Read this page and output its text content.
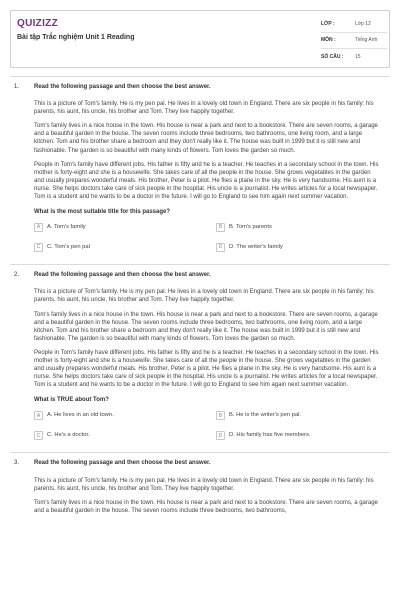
QUIZIZZ
Bài tập Trắc nghiệm Unit 1 Reading
LỚP :	Lớp 12
MÔN :	Tiếng Anh
SỐ CÂU :	15
1. Read the following passage and then choose the best answer.

This is a picture of Tom's family. He is my pen pal. He lives in a lovely old town in England. There are six people in his family: his parents, his aunt, his uncle, his brother and Tom. They live happily together.

Tom's family lives in a nice house in the town. His house is near a park and next to a bookstore. There are seven rooms, a garage and a beautiful garden in the house. The seven rooms include three bedrooms, two bathrooms, one living room, and a large kitchen. Tom and his brother share a bedroom and they don't really like it. The house was built in 1999 but it is still new and fashionable. The garden is so beautiful with many kinds of flowers. Tom loves the garden so much.

People in Tom's family have different jobs. His father is fifty and he is a teacher. He teaches in a secondary school in the town. His mother is forty-eight and she is a housewife. She takes care of all the people in the house. She grows vegetables in the garden and usually prepares wonderful meals. His brother, Peter is a pilot. He flies a plane in the sky. He is very handsome. His aunt is a nurse. She helps doctors take care of sick people in the hospital. His uncle is a journalist. He writes articles for a local newspaper. Tom is a student and he wants to be a doctor in the future. I will go to England to see him again next summer vacation.

What is the most suitable title for this passage?
A	A. Tom's family	B	B. Tom's parents
C	C. Tom's pen pal	D	D. The writer's family
2. Read the following passage and then choose the best answer.

This is a picture of Tom's family. He is my pen pal. He lives in a lovely old town in England. There are six people in his family: his parents, his aunt, his uncle, his brother and Tom. They live happily together.

Tom's family lives in a nice house in the town. His house is near a park and next to a bookstore. There are seven rooms, a garage and a beautiful garden in the house. The seven rooms include three bedrooms, two bathrooms, one living room, and a large kitchen. Tom and his brother share a bedroom and they don't really like it. The house was built in 1999 but it is still new and fashionable. The garden is so beautiful with many kinds of flowers. Tom loves the garden so much.

People in Tom's family have different jobs. His father is fifty and he is a teacher. He teaches in a secondary school in the town. His mother is forty-eight and she is a housewife. She takes care of all the people in the house. She grows vegetables in the garden and usually prepares wonderful meals. His brother, Peter is a pilot. He flies a plane in the sky. He is very handsome. His aunt is a nurse. She helps doctors take care of sick people in the hospital. His uncle is a journalist. He writes articles for a local newspaper. Tom is a student and he wants to be a doctor in the future. I will go to England to see him again next summer vacation.

What is TRUE about Tom?
A	A. He lives in an old town.	B	B. He is the writer's pen pal.
C	C. He's a doctor.	D	D. His family has five members.
3. Read the following passage and then choose the best answer.

This is a picture of Tom's family. He is my pen pal. He lives in a lovely old town in England. There are six people in his family: his parents, his aunt, his uncle, his brother and Tom. They live happily together.

Tom's family lives in a nice house in the town. His house is near a park and next to a bookstore. There are seven rooms, a garage and a beautiful garden in the house. The seven rooms include three bedrooms, two bathrooms,
